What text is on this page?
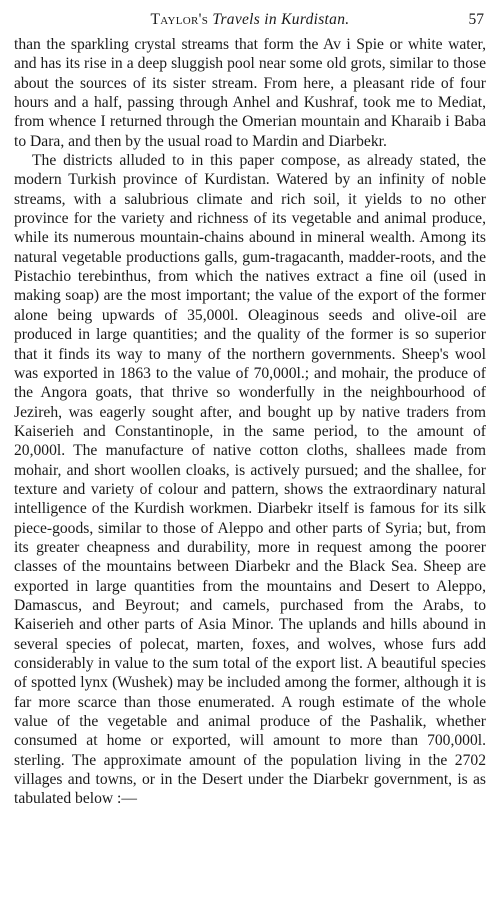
Taylor's Travels in Kurdistan.	57

than the sparkling crystal streams that form the Av i Spie or white water, and has its rise in a deep sluggish pool near some old grots, similar to those about the sources of its sister stream. From here, a pleasant ride of four hours and a half, passing through Anhel and Kushraf, took me to Mediat, from whence I returned through the Omerian mountain and Kharaib i Baba to Dara, and then by the usual road to Mardin and Diarbekr.

The districts alluded to in this paper compose, as already stated, the modern Turkish province of Kurdistan. Watered by an infinity of noble streams, with a salubrious climate and rich soil, it yields to no other province for the variety and richness of its vegetable and animal produce, while its numerous mountain-chains abound in mineral wealth. Among its natural vegetable productions galls, gum-tragacanth, madder-roots, and the Pistachio terebinthus, from which the natives extract a fine oil (used in making soap) are the most important; the value of the export of the former alone being upwards of 35,000l. Oleaginous seeds and olive-oil are produced in large quantities; and the quality of the former is so superior that it finds its way to many of the northern governments. Sheep's wool was exported in 1863 to the value of 70,000l.; and mohair, the produce of the Angora goats, that thrive so wonderfully in the neighbourhood of Jezireh, was eagerly sought after, and bought up by native traders from Kaiserieh and Constantinople, in the same period, to the amount of 20,000l. The manufacture of native cotton cloths, shallees made from mohair, and short woollen cloaks, is actively pursued; and the shallee, for texture and variety of colour and pattern, shows the extraordinary natural intelligence of the Kurdish workmen. Diarbekr itself is famous for its silk piece-goods, similar to those of Aleppo and other parts of Syria; but, from its greater cheapness and durability, more in request among the poorer classes of the mountains between Diarbekr and the Black Sea. Sheep are exported in large quantities from the mountains and Desert to Aleppo, Damascus, and Beyrout; and camels, purchased from the Arabs, to Kaiserieh and other parts of Asia Minor. The uplands and hills abound in several species of polecat, marten, foxes, and wolves, whose furs add considerably in value to the sum total of the export list. A beautiful species of spotted lynx (Wushek) may be included among the former, although it is far more scarce than those enumerated. A rough estimate of the whole value of the vegetable and animal produce of the Pashalik, whether consumed at home or exported, will amount to more than 700,000l. sterling. The approximate amount of the population living in the 2702 villages and towns, or in the Desert under the Diarbekr government, is as tabulated below :—
